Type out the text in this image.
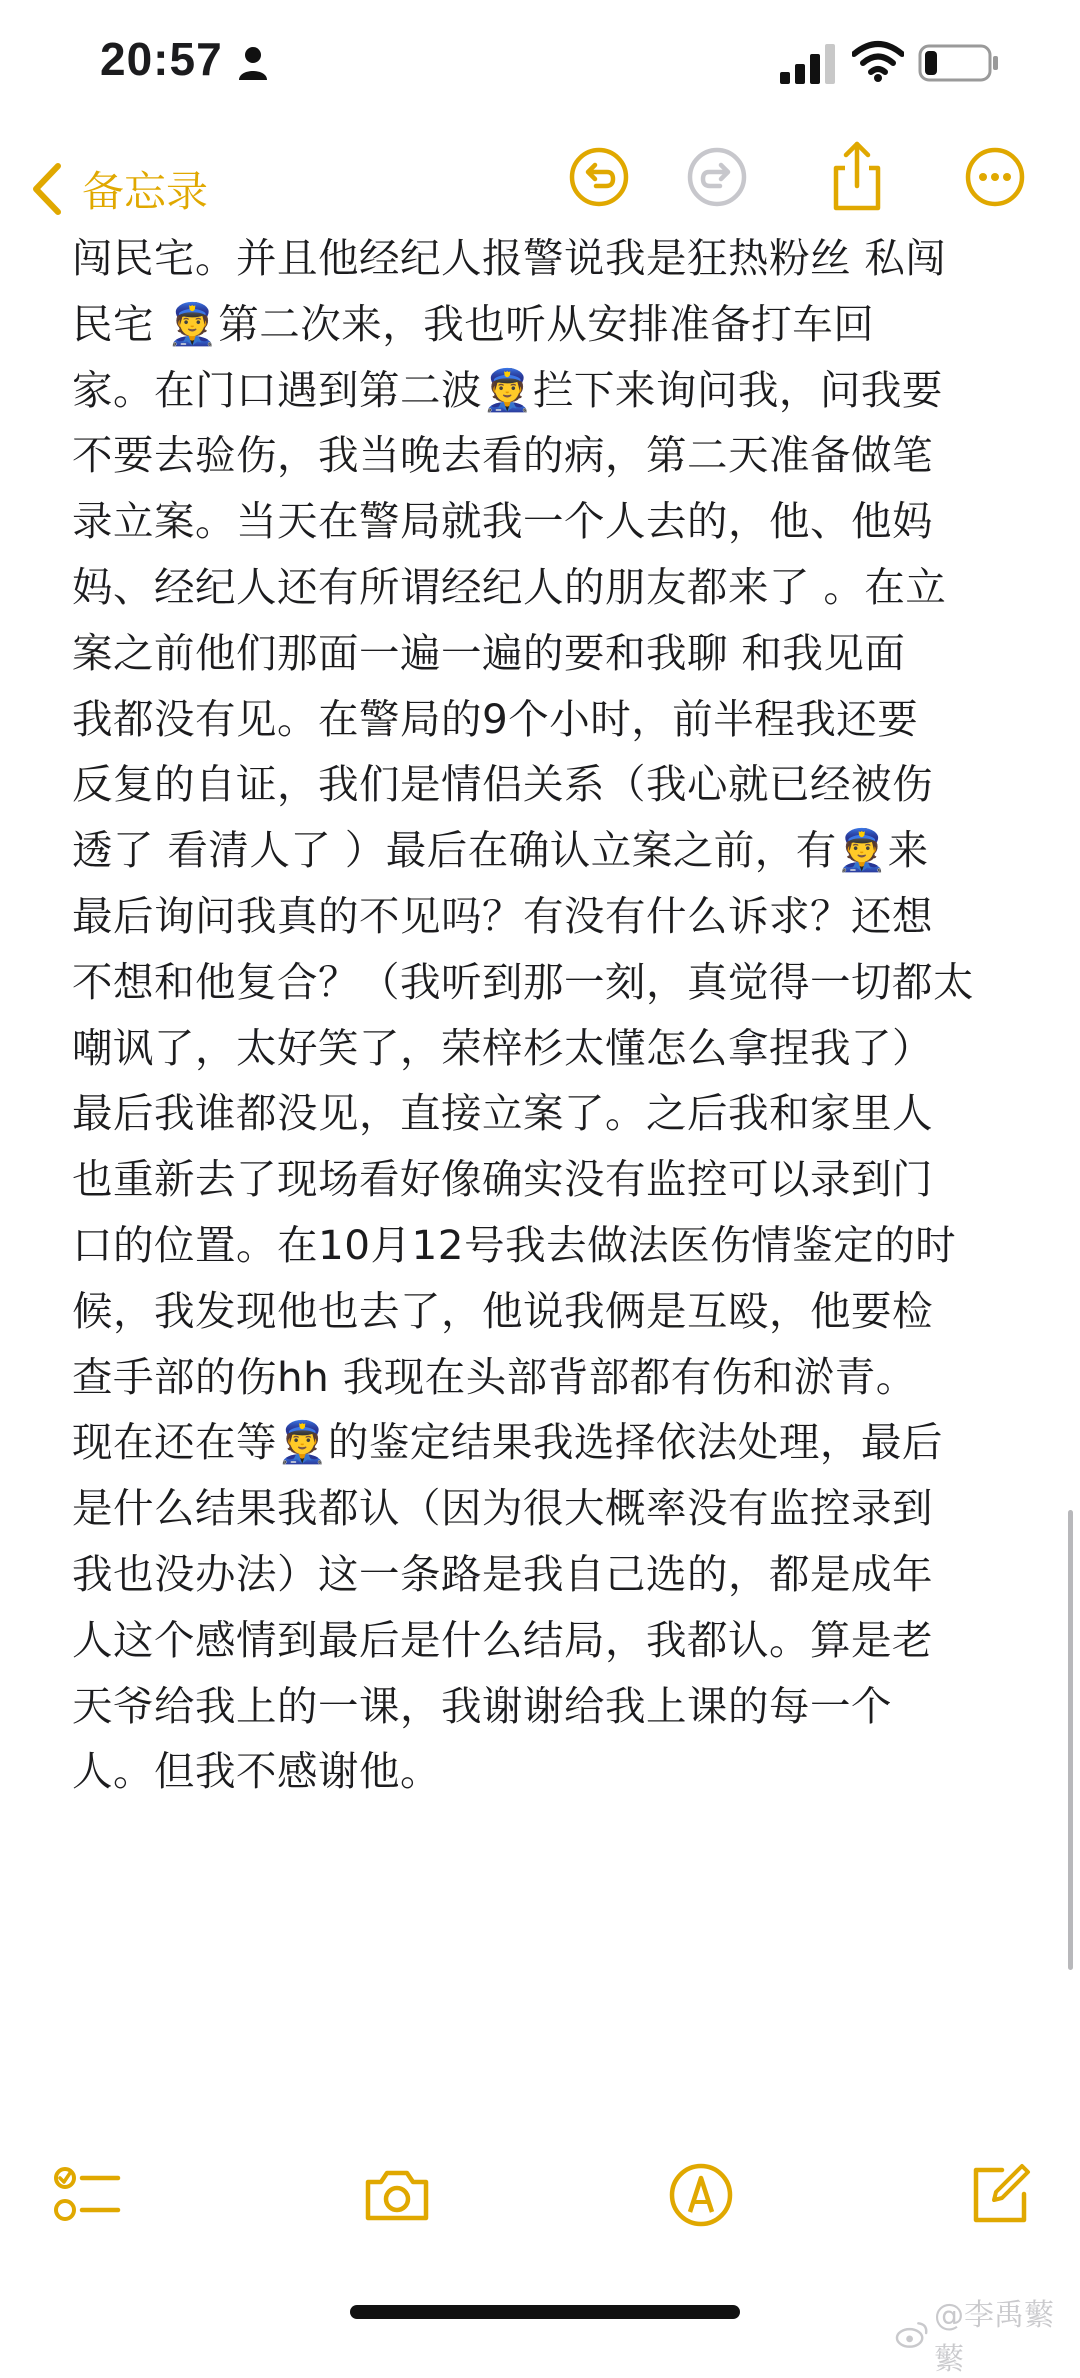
20:57
备忘录
闯民宅。并且他经纪人报警说我是狂热粉丝 私闯
民宅 👮第二次来，我也听从安排准备打车回
家。在门口遇到第二波👮拦下来询问我，问我要
不要去验伤，我当晚去看的病，第二天准备做笔
录立案。当天在警局就我一个人去的，他、他妈
妈、经纪人还有所谓经纪人的朋友都来了 。在立
案之前他们那面一遍一遍的要和我聊 和我见面
我都没有见。在警局的9个小时，前半程我还要
反复的自证，我们是情侣关系（我心就已经被伤
透了 看清人了 ）最后在确认立案之前，有👮来
最后询问我真的不见吗？有没有什么诉求？还想
不想和他复合？（我听到那一刻，真觉得一切都太
嘲讽了，太好笑了，荣梓杉太懂怎么拿捏我了）
最后我谁都没见，直接立案了。之后我和家里人
也重新去了现场看好像确实没有监控可以录到门
口的位置。在10月12号我去做法医伤情鉴定的时
候，我发现他也去了，他说我俩是互殴，他要检
查手部的伤hh 我现在头部背部都有伤和淤青。
现在还在等👮的鉴定结果我选择依法处理，最后
是什么结果我都认（因为很大概率没有监控录到
我也没办法）这一条路是我自己选的，都是成年
人这个感情到最后是什么结局，我都认。算是老
天爷给我上的一课，我谢谢给我上课的每一个
人。但我不感谢他。
@李禹蘩蘩
